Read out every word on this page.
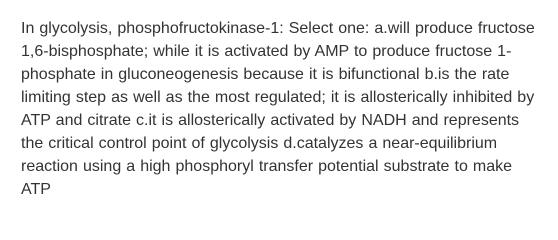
In glycolysis, phosphofructokinase-1: Select one: a.will produce fructose 1,6-bisphosphate; while it is activated by AMP to produce fructose 1-phosphate in gluconeogenesis because it is bifunctional b.is the rate limiting step as well as the most regulated; it is allosterically inhibited by ATP and citrate c.it is allosterically activated by NADH and represents the critical control point of glycolysis d.catalyzes a near-equilibrium reaction using a high phosphoryl transfer potential substrate to make ATP
